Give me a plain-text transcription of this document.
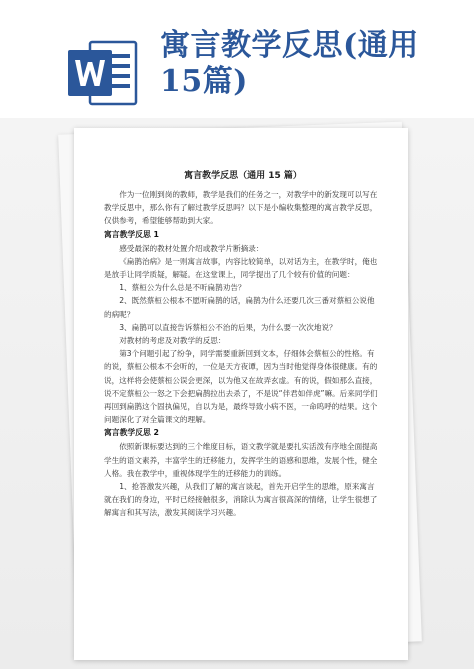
寓言教学反思(通用15篇)
寓言教学反思（通用 15 篇）

作为一位刚到岗的教师，教学是我们的任务之一，对教学中的新发现可以写在教学反思中，那么你有了解过教学反思吗？以下是小编收集整理的寓言教学反思，仅供参考，希望能够帮助到大家。

寓言教学反思 1

感受最深的教材处置介绍或教学片断摘录：

《扁鹊治病》是一则寓言故事，内容比较简单，以对话为主，在教学时，俺也是放手让同学质疑，解疑。在这堂课上，同学提出了几个较有价值的问题：

1、蔡桓公为什么总是不听扁鹊劝告？

2、既然蔡桓公根本不愿听扁鹊的话，扁鹊为什么还要几次三番对蔡桓公说他的病呢？

3、扁鹊可以直接告诉蔡桓公不治的后果，为什么要一次次地说？

对教材的考虑及对教学的反思：

第3个问题引起了纷争，同学需要重新回到文本，仔细体会蔡桓公的性格。有的说，蔡桓公根本不会听的，一位是天方夜谭，因为当时他觉得身体很健康。有的说，这样将会使蔡桓公误会更深，以为他又在故弄玄虚。有的说，假如那么直接，说不定蔡桓公一怒之下会把扁鹊拉出去杀了，不是说“伴君如伴虎”嘛。后来同学们再回到扁鹊这个固执偏见，自以为是，最终导致小病不医，一命呜呼的结果。这个问题深化了对全篇课文的理解。

寓言教学反思 2

依照新课标要达到的三个维度目标，语文教学就是要扎实活泼有序地全面提高学生的语文素养，丰富学生的迁移能力，发挥学生的语感和思维，发展个性，健全人格。我在教学中，重视体现学生的迁移能力的训练。

1、抢答激发兴趣，从我们了解的寓言谈起，首先开启学生的思维，原来寓言就在我们的身边，平时已经接触很多，消除认为寓言很高深的情绪，让学生很想了解寓言和其写法，激发其阅读学习兴趣。
